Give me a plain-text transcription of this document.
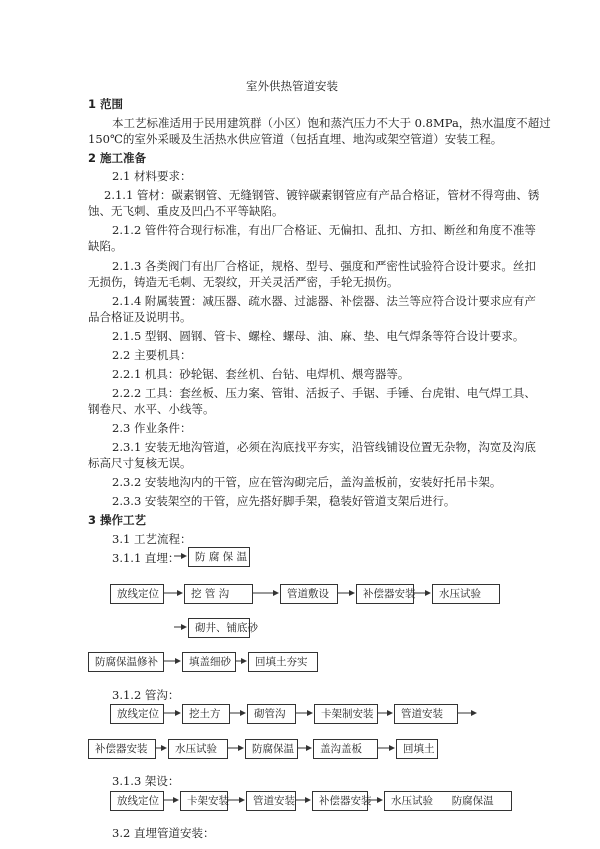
室外供热管道安装
1 范围
本工艺标准适用于民用建筑群（小区）饱和蒸汽压力不大于 0.8MPa，热水温度不超过
150℃的室外采暖及生活热水供应管道（包括直埋、地沟或架空管道）安装工程。
2 施工准备
2.1 材料要求：
2.1.1 管材：碳素钢管、无缝钢管、镀锌碳素钢管应有产品合格证，管材不得弯曲、锈
蚀、无飞刺、重皮及凹凸不平等缺陷。
2.1.2 管件符合现行标准，有出厂合格证、无偏扣、乱扣、方扣、断丝和角度不准等
缺陷。
2.1.3 各类阀门有出厂合格证，规格、型号、强度和严密性试验符合设计要求。丝扣
无损伤，铸造无毛刺、无裂纹，开关灵活严密，手轮无损伤。
2.1.4 附属装置：减压器、疏水器、过滤器、补偿器、法兰等应符合设计要求应有产
品合格证及说明书。
2.1.5 型钢、圆钢、管卡、螺栓、螺母、油、麻、垫、电气焊条等符合设计要求。
2.2 主要机具：
2.2.1 机具：砂轮锯、套丝机、台钻、电焊机、煨弯器等。
2.2.2 工具：套丝板、压力案、管钳、活扳子、手锯、手锤、台虎钳、电气焊工具、
钢卷尺、水平、小线等。
2.3 作业条件：
2.3.1 安装无地沟管道，必须在沟底找平夯实，沿管线铺设位置无杂物，沟宽及沟底
标高尺寸复核无误。
2.3.2 安装地沟内的干管，应在管沟砌完后，盖沟盖板前，安装好托吊卡架。
2.3.3 安装架空的干管，应先搭好脚手架，稳装好管道支架后进行。
3 操作工艺
3.1 工艺流程：
3.1.1 直埋：	防 腐 保 温
放线定位	挖 管 沟	管道敷设	补偿器安装	水压试验
砌井、铺底砂
防腐保温修补	填盖细砂	回填土夯实
3.1.2 管沟：
放线定位	挖土方	砌管沟	卡架制安装	管道安装
补偿器安装	水压试验	防腐保温	盖沟盖板	回填土
3.1.3 架设：
放线定位	卡架安装	管道安装	补偿器安装	水压试验 防腐保温
3.2 直埋管道安装：
